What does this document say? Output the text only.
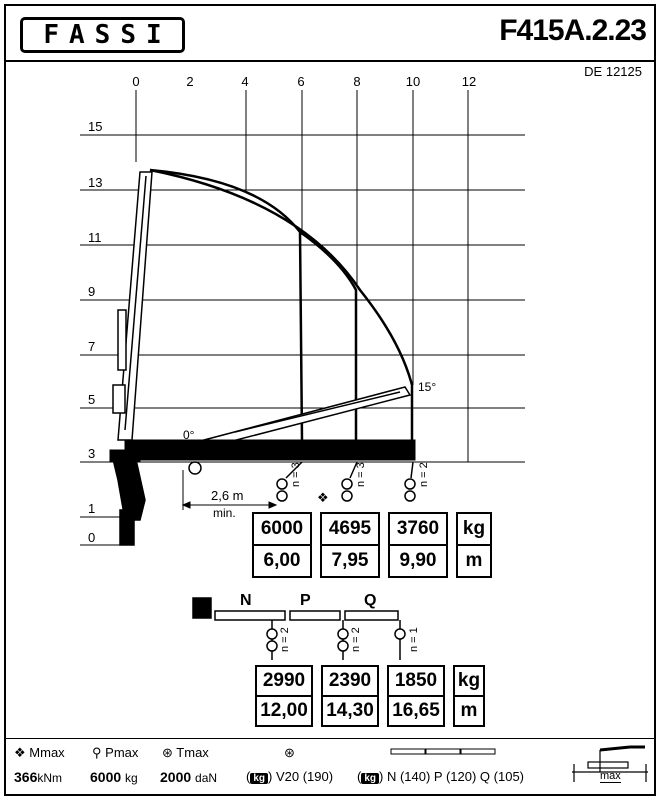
FASSI	F415A.2.23
DE 12125
0	2	4	6	8	10	12
15
13
11
9
7
5
3
1
0
15°
0°
2,6 m
min.
❖
n = 3	n = 3	n = 2
6000		4695		3760		kg
6,00		7,95		9,90		m
N	P	Q
n = 2	n = 2	n = 1
2990		2390		1850		kg
12,00		14,30		16,65		m
❖ Mmax ⚲ Pmax ⊛ Tmax	⊛
366kNm 6000 kg 2000 daN ( kg ) V20 (190) ( kg ) N (140) P (120) Q (105)	max
